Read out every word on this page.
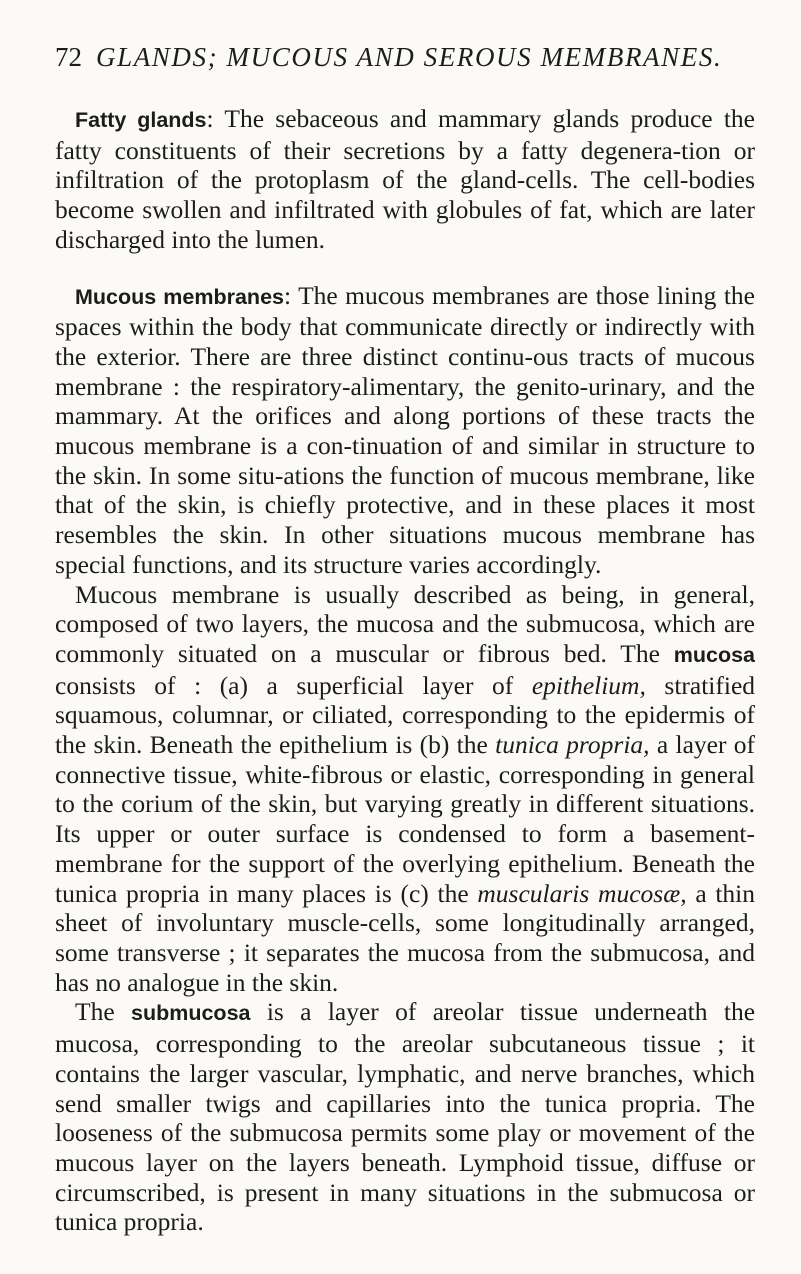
72 GLANDS; MUCOUS AND SEROUS MEMBRANES.

Fatty glands: The sebaceous and mammary glands produce the fatty constituents of their secretions by a fatty degenera-tion or infiltration of the protoplasm of the gland-cells. The cell-bodies become swollen and infiltrated with globules of fat, which are later discharged into the lumen.

Mucous membranes: The mucous membranes are those lining the spaces within the body that communicate directly or indirectly with the exterior. There are three distinct continu-ous tracts of mucous membrane : the respiratory-alimentary, the genito-urinary, and the mammary. At the orifices and along portions of these tracts the mucous membrane is a con-tinuation of and similar in structure to the skin. In some situ-ations the function of mucous membrane, like that of the skin, is chiefly protective, and in these places it most resembles the skin. In other situations mucous membrane has special functions, and its structure varies accordingly.

Mucous membrane is usually described as being, in general, composed of two layers, the mucosa and the submucosa, which are commonly situated on a muscular or fibrous bed. The mucosa consists of : (a) a superficial layer of epithelium, stratified squamous, columnar, or ciliated, corresponding to the epidermis of the skin. Beneath the epithelium is (b) the tunica propria, a layer of connective tissue, white-fibrous or elastic, corresponding in general to the corium of the skin, but varying greatly in different situations. Its upper or outer surface is condensed to form a basement-membrane for the support of the overlying epithelium. Beneath the tunica propria in many places is (c) the muscularis mucosæ, a thin sheet of involuntary muscle-cells, some longitudinally arranged, some transverse ; it separates the mucosa from the submucosa, and has no analogue in the skin.

The submucosa is a layer of areolar tissue underneath the mucosa, corresponding to the areolar subcutaneous tissue ; it contains the larger vascular, lymphatic, and nerve branches, which send smaller twigs and capillaries into the tunica propria. The looseness of the submucosa permits some play or movement of the mucous layer on the layers beneath. Lymphoid tissue, diffuse or circumscribed, is present in many situations in the submucosa or tunica propria.
